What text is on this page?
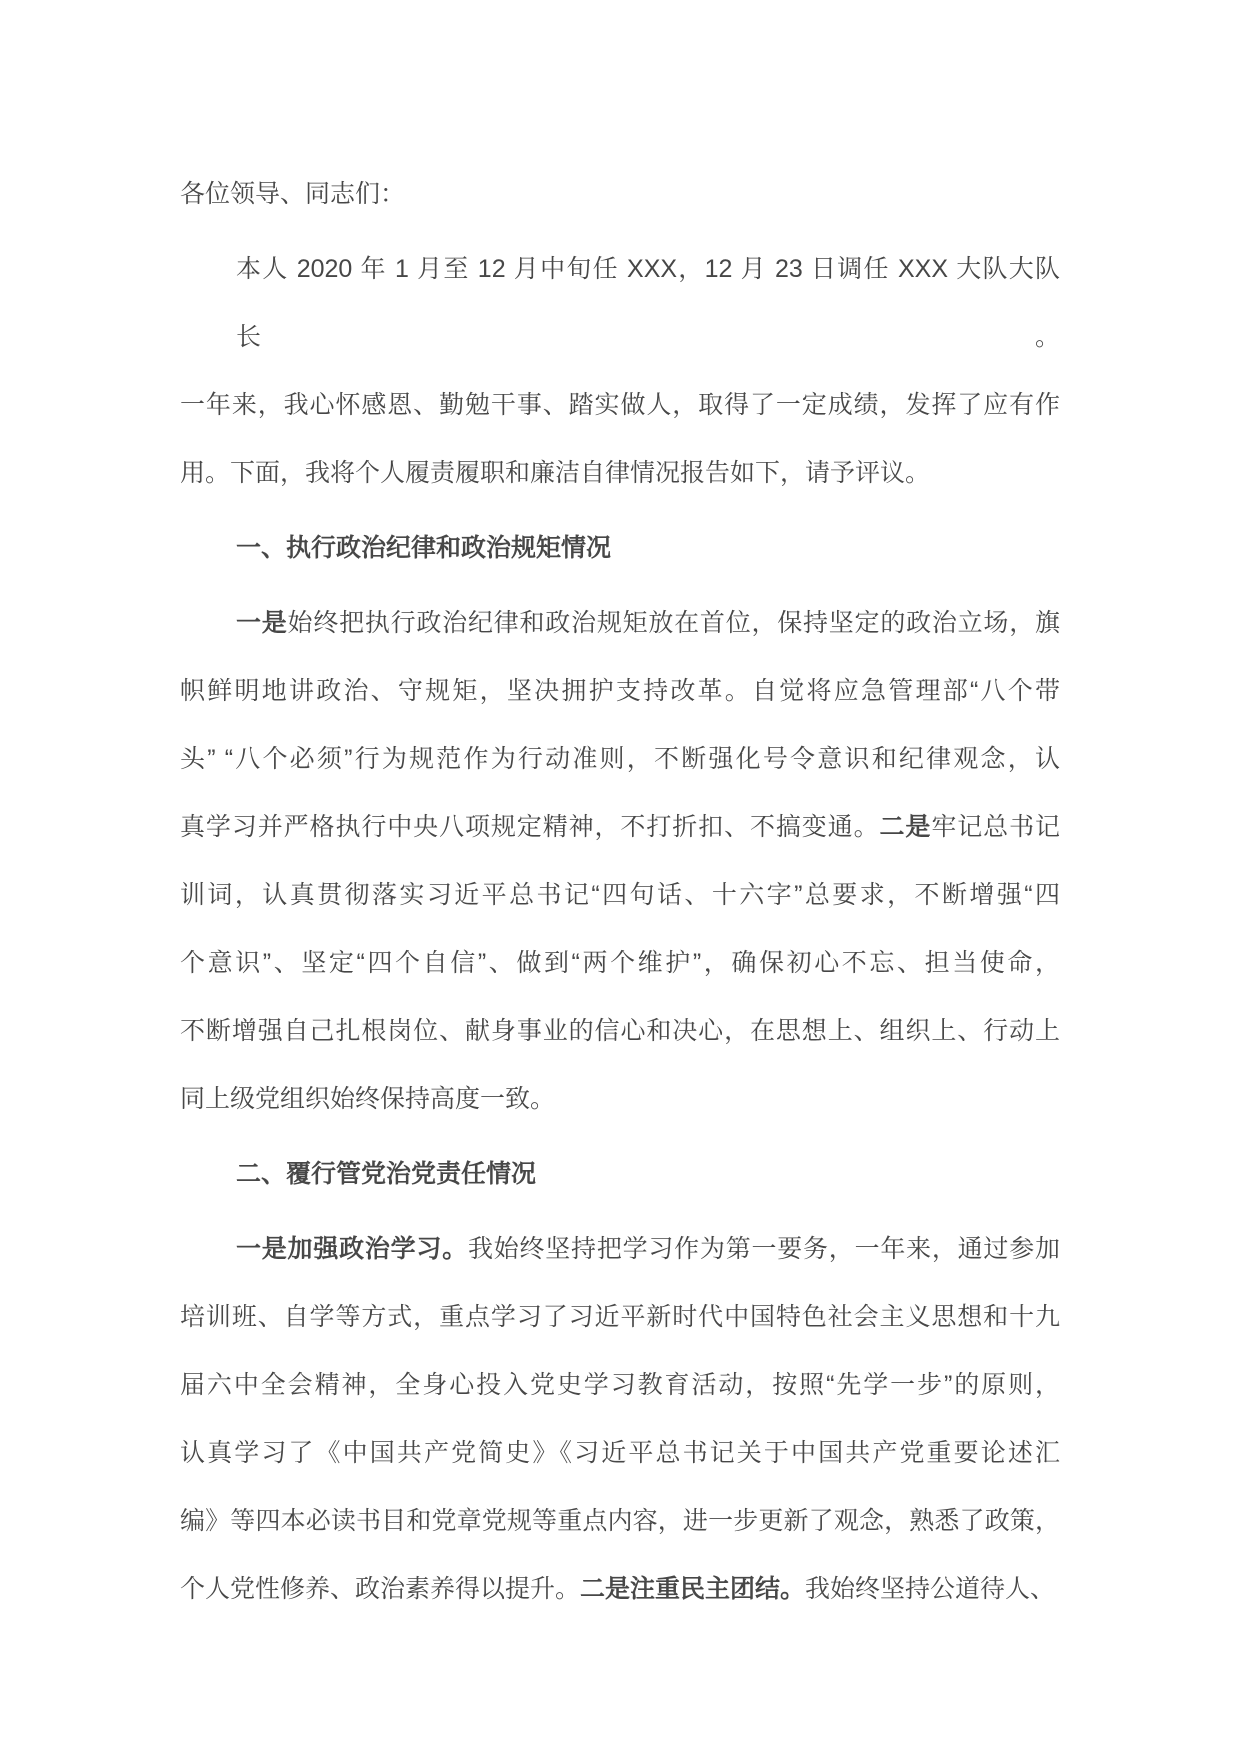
各位领导、同志们：
本人 2020 年 1 月至 12 月中旬任 XXX，12 月 23 日调任 XXX 大队大队长。
一年来，我心怀感恩、勤勉干事、踏实做人，取得了一定成绩，发挥了应有作
用。下面，我将个人履责履职和廉洁自律情况报告如下，请予评议。
一、执行政治纪律和政治规矩情况
一是始终把执行政治纪律和政治规矩放在首位，保持坚定的政治立场，旗
帜鲜明地讲政治、守规矩，坚决拥护支持改革。自觉将应急管理部“八个带
头” “八个必须”行为规范作为行动准则，不断强化号令意识和纪律观念，认
真学习并严格执行中央八项规定精神，不打折扣、不搞变通。二是牢记总书记
训词，认真贯彻落实习近平总书记“四句话、十六字”总要求，不断增强“四
个意识”、坚定“四个自信”、做到“两个维护”，确保初心不忘、担当使命，
不断增强自己扎根岗位、献身事业的信心和决心，在思想上、组织上、行动上
同上级党组织始终保持高度一致。
二、覆行管党治党责任情况
一是加强政治学习。我始终坚持把学习作为第一要务，一年来，通过参加
培训班、自学等方式，重点学习了习近平新时代中国特色社会主义思想和十九
届六中全会精神，全身心投入党史学习教育活动，按照“先学一步”的原则，
认真学习了《中国共产党简史》《习近平总书记关于中国共产党重要论述汇
编》等四本必读书目和党章党规等重点内容，进一步更新了观念，熟悉了政策，
个人党性修养、政治素养得以提升。二是注重民主团结。我始终坚持公道待人、
